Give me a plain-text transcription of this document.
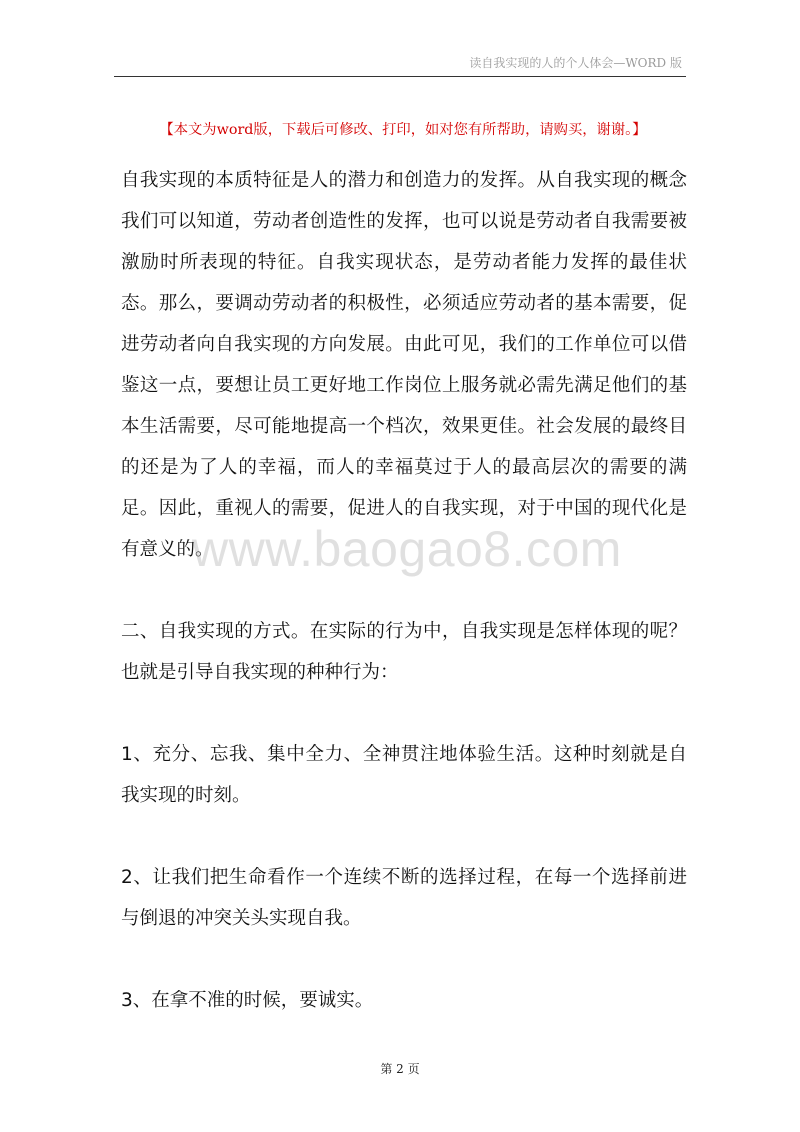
读自我实现的人的个人体会—WORD 版
【本文为word版，下载后可修改、打印，如对您有所帮助，请购买，谢谢。】

自我实现的本质特征是人的潜力和创造力的发挥。从自我实现的概念我们可以知道，劳动者创造性的发挥，也可以说是劳动者自我需要被激励时所表现的特征。自我实现状态，是劳动者能力发挥的最佳状态。那么，要调动劳动者的积极性，必须适应劳动者的基本需要，促进劳动者向自我实现的方向发展。由此可见，我们的工作单位可以借鉴这一点，要想让员工更好地工作岗位上服务就必需先满足他们的基本生活需要，尽可能地提高一个档次，效果更佳。社会发展的最终目的还是为了人的幸福，而人的幸福莫过于人的最高层次的需要的满足。因此，重视人的需要，促进人的自我实现，对于中国的现代化是有意义的。

二、自我实现的方式。在实际的行为中，自我实现是怎样体现的呢？也就是引导自我实现的种种行为：

1、充分、忘我、集中全力、全神贯注地体验生活。这种时刻就是自我实现的时刻。

2、让我们把生命看作一个连续不断的选择过程，在每一个选择前进与倒退的冲突关头实现自我。

3、在拿不准的时候，要诚实。

www.baogao8.com
第 2 页
